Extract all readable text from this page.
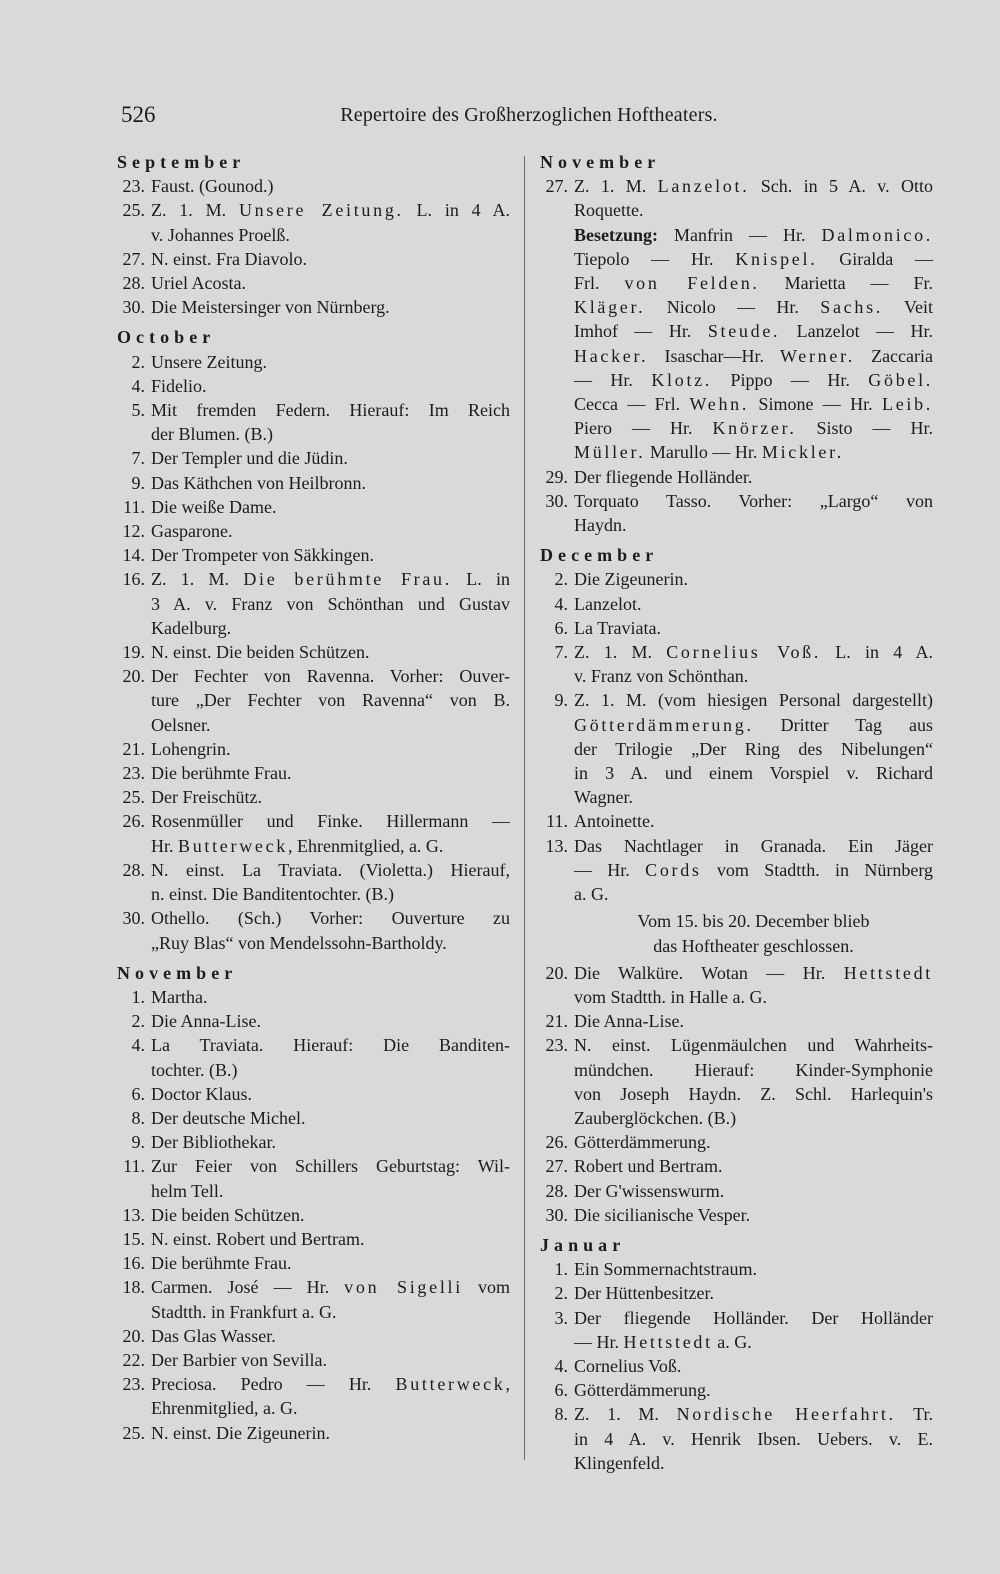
526	Repertoire des Großherzoglichen Hoftheaters.
September
23. Faust. (Gounod.)
25. Z. 1. M. Unsere Zeitung. L. in 4 A.
v. Johannes Proelß.
27. N. einst. Fra Diavolo.
28. Uriel Acosta.
30. Die Meistersinger von Nürnberg.
October
2. Unsere Zeitung.
4. Fidelio.
5. Mit fremden Federn. Hierauf: Im Reich
der Blumen. (B.)
7. Der Templer und die Jüdin.
9. Das Käthchen von Heilbronn.
11. Die weiße Dame.
12. Gasparone.
14. Der Trompeter von Säkkingen.
16. Z. 1. M. Die berühmte Frau. L. in
3 A. v. Franz von Schönthan und Gustav
Kadelburg.
19. N. einst. Die beiden Schützen.
20. Der Fechter von Ravenna. Vorher: Ouver-
ture „Der Fechter von Ravenna“ von B.
Oelsner.
21. Lohengrin.
23. Die berühmte Frau.
25. Der Freischütz.
26. Rosenmüller und Finke. Hillermann —
Hr. Butterweck, Ehrenmitglied, a. G.
28. N. einst. La Traviata. (Violetta.) Hierauf,
n. einst. Die Banditentochter. (B.)
30. Othello. (Sch.) Vorher: Ouverture zu
„Ruy Blas“ von Mendelssohn-Bartholdy.
November
1. Martha.
2. Die Anna-Lise.
4. La Traviata. Hierauf: Die Banditen-
tochter. (B.)
6. Doctor Klaus.
8. Der deutsche Michel.
9. Der Bibliothekar.
11. Zur Feier von Schillers Geburtstag: Wil-
helm Tell.
13. Die beiden Schützen.
15. N. einst. Robert und Bertram.
16. Die berühmte Frau.
18. Carmen. José — Hr. von Sigelli vom
Stadtth. in Frankfurt a. G.
20. Das Glas Wasser.
22. Der Barbier von Sevilla.
23. Preciosa. Pedro — Hr. Butterweck,
Ehrenmitglied, a. G.
25. N. einst. Die Zigeunerin.
November
27. Z. 1. M. Lanzelot. Sch. in 5 A. v. Otto
Roquette.
Besetzung: Manfrin — Hr. Dalmonico.
Tiepolo — Hr. Knispel. Giralda —
Frl. von Felden. Marietta — Fr.
Kläger. Nicolo — Hr. Sachs. Veit
Imhof — Hr. Steude. Lanzelot — Hr.
Hacker. Isaschar—Hr. Werner. Zaccaria
— Hr. Klotz. Pippo — Hr. Göbel.
Cecca — Frl. Wehn. Simone — Hr. Leib.
Piero — Hr. Knörzer. Sisto — Hr.
Müller. Marullo — Hr. Mickler.
29. Der fliegende Holländer.
30. Torquato Tasso. Vorher: „Largo“ von
Haydn.
December
2. Die Zigeunerin.
4. Lanzelot.
6. La Traviata.
7. Z. 1. M. Cornelius Voß. L. in 4 A.
v. Franz von Schönthan.
9. Z. 1. M. (vom hiesigen Personal dargestellt)
Götterdämmerung. Dritter Tag aus
der Trilogie „Der Ring des Nibelungen“
in 3 A. und einem Vorspiel v. Richard
Wagner.
11. Antoinette.
13. Das Nachtlager in Granada. Ein Jäger
— Hr. Cords vom Stadtth. in Nürnberg
a. G.
Vom 15. bis 20. December blieb
das Hoftheater geschlossen.
20. Die Walküre. Wotan — Hr. Hettstedt
vom Stadtth. in Halle a. G.
21. Die Anna-Lise.
23. N. einst. Lügenmäulchen und Wahrheits-
mündchen. Hierauf: Kinder-Symphonie
von Joseph Haydn. Z. Schl. Harlequin's
Zauberglöckchen. (B.)
26. Götterdämmerung.
27. Robert und Bertram.
28. Der G'wissenswurm.
30. Die sicilianische Vesper.
Januar
1. Ein Sommernachtstraum.
2. Der Hüttenbesitzer.
3. Der fliegende Holländer. Der Holländer
— Hr. Hettstedt a. G.
4. Cornelius Voß.
6. Götterdämmerung.
8. Z. 1. M. Nordische Heerfahrt. Tr.
in 4 A. v. Henrik Ibsen. Uebers. v. E.
Klingenfeld.
